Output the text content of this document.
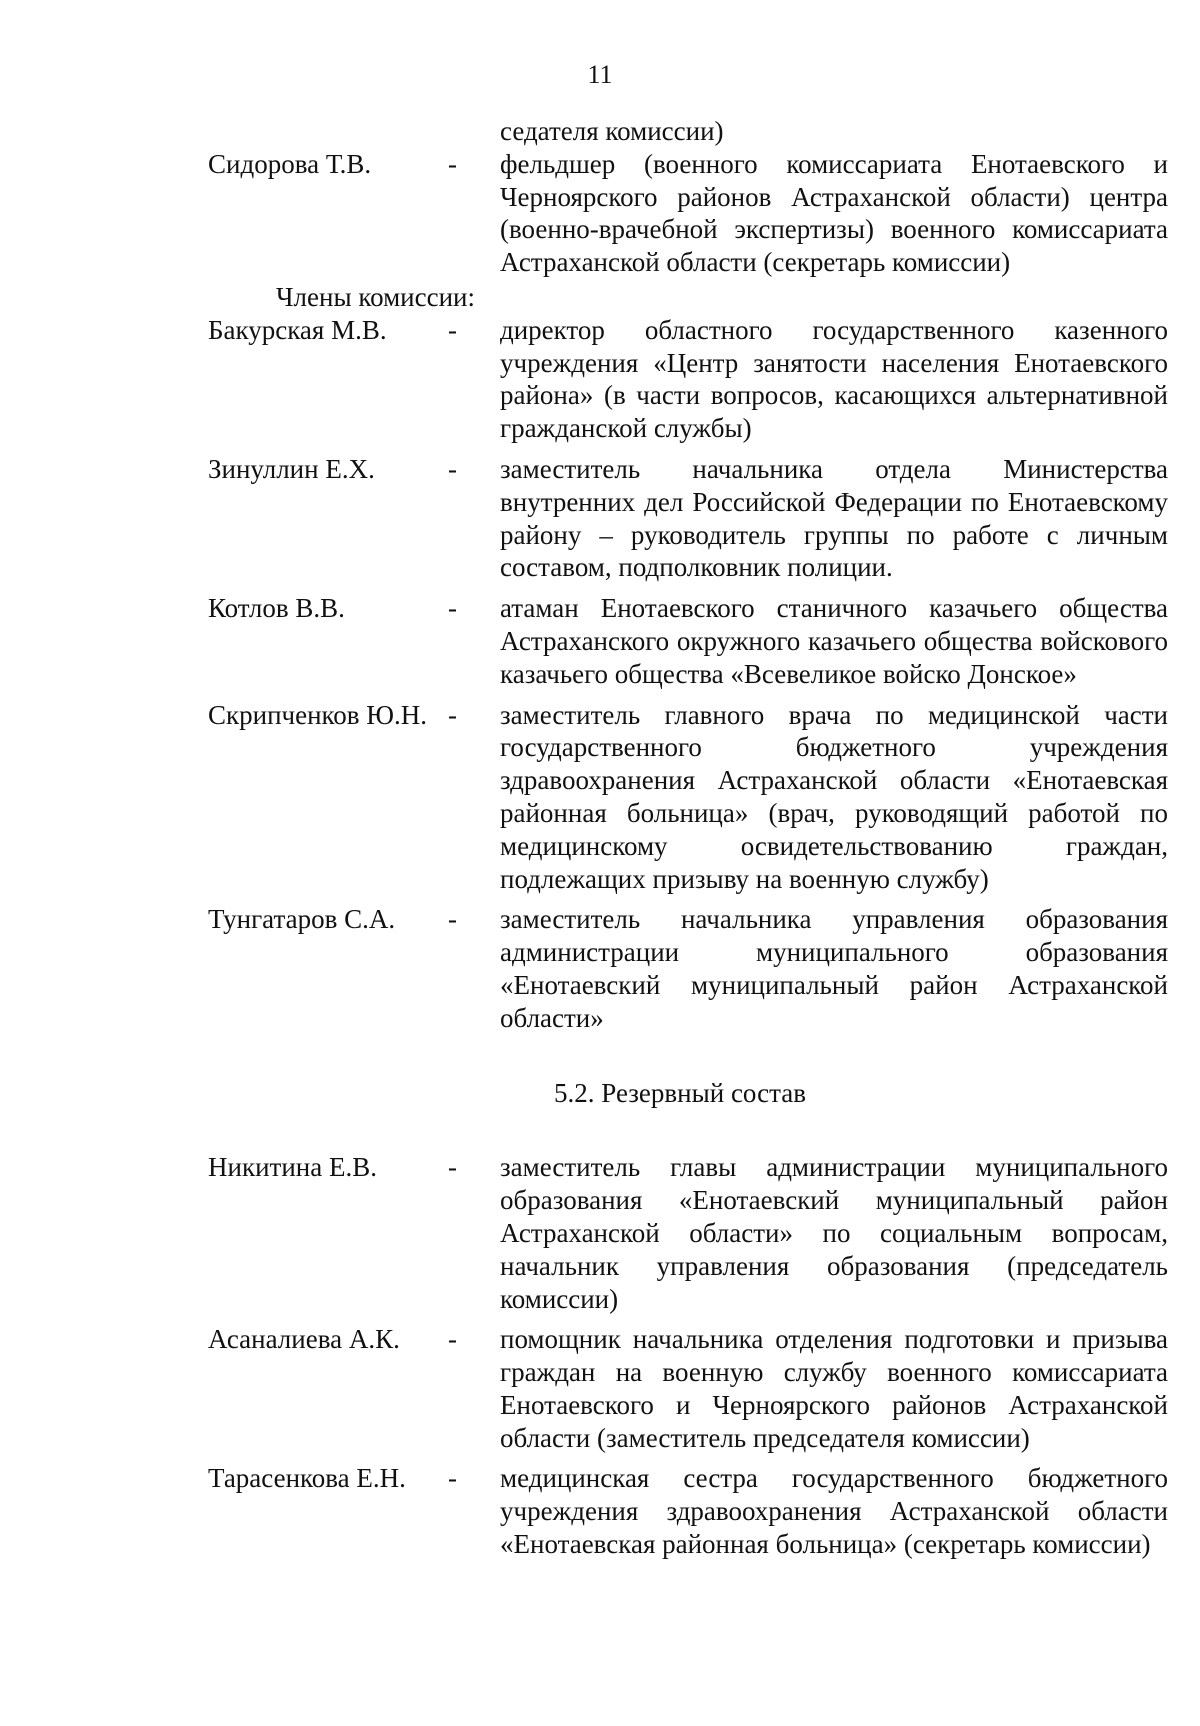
11
седателя комиссии)
Сидорова Т.В.	-	фельдшер (военного комиссариата Енотаевского и Черноярского районов Астраханской области) центра (военно-врачебной экспертизы) военного комиссариата Астраханской области (секретарь комиссии)
Члены комиссии:
Бакурская М.В.	-	директор областного государственного казенного учреждения «Центр занятости населения Енотаевского района» (в части вопросов, касающихся альтернативной гражданской службы)
Зинуллин Е.Х.	-	заместитель начальника отдела Министерства внутренних дел Российской Федерации по Енотаевскому району – руководитель группы по работе с личным составом, подполковник полиции.
Котлов В.В.	-	атаман Енотаевского станичного казачьего общества Астраханского окружного казачьего общества войскового казачьего общества «Всевеликое войско Донское»
Скрипченков Ю.Н. -	заместитель главного врача по медицинской части государственного бюджетного учреждения здравоохранения Астраханской области «Енотаевская районная больница» (врач, руководящий работой по медицинскому освидетельствованию граждан, подлежащих призыву на военную службу)
Тунгатаров С.А.	-	заместитель начальника управления образования администрации муниципального образования «Енотаевский муниципальный район Астраханской области»
5.2. Резервный состав
Никитина Е.В.	-	заместитель главы администрации муниципального образования «Енотаевский муниципальный район Астраханской области» по социальным вопросам, начальник управления образования (председатель комиссии)
Асаналиева А.К.	-	помощник начальника отделения подготовки и призыва граждан на военную службу военного комиссариата Енотаевского и Черноярского районов Астраханской области (заместитель председателя комиссии)
Тарасенкова Е.Н.	-	медицинская сестра государственного бюджетного учреждения здравоохранения Астраханской области «Енотаевская районная больница» (секретарь комиссии)
